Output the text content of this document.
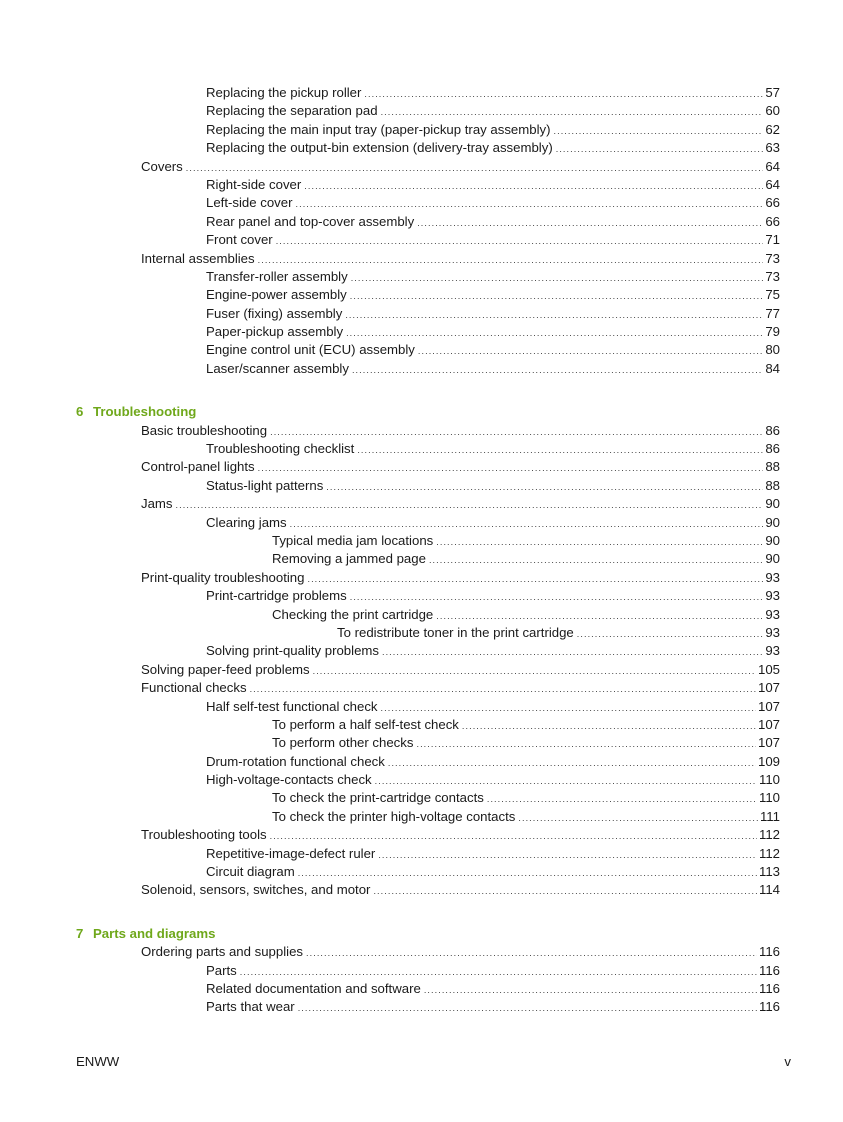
Replacing the pickup roller .....	57
Replacing the separation pad .....	60
Replacing the main input tray (paper-pickup tray assembly) .....	62
Replacing the output-bin extension (delivery-tray assembly) .....	63
Covers .....	64
Right-side cover .....	64
Left-side cover .....	66
Rear panel and top-cover assembly .....	66
Front cover .....	71
Internal assemblies .....	73
Transfer-roller assembly .....	73
Engine-power assembly .....	75
Fuser (fixing) assembly .....	77
Paper-pickup assembly .....	79
Engine control unit (ECU) assembly .....	80
Laser/scanner assembly .....	84
6 Troubleshooting
Basic troubleshooting .....	86
Troubleshooting checklist .....	86
Control-panel lights .....	88
Status-light patterns .....	88
Jams .....	90
Clearing jams .....	90
Typical media jam locations .....	90
Removing a jammed page .....	90
Print-quality troubleshooting .....	93
Print-cartridge problems .....	93
Checking the print cartridge .....	93
To redistribute toner in the print cartridge .....	93
Solving print-quality problems .....	93
Solving paper-feed problems .....	105
Functional checks .....	107
Half self-test functional check .....	107
To perform a half self-test check .....	107
To perform other checks .....	107
Drum-rotation functional check .....	109
High-voltage-contacts check .....	110
To check the print-cartridge contacts .....	110
To check the printer high-voltage contacts .....	111
Troubleshooting tools .....	112
Repetitive-image-defect ruler .....	112
Circuit diagram .....	113
Solenoid, sensors, switches, and motor .....	114
7 Parts and diagrams
Ordering parts and supplies .....	116
Parts .....	116
Related documentation and software .....	116
Parts that wear .....	116
ENWW	v
